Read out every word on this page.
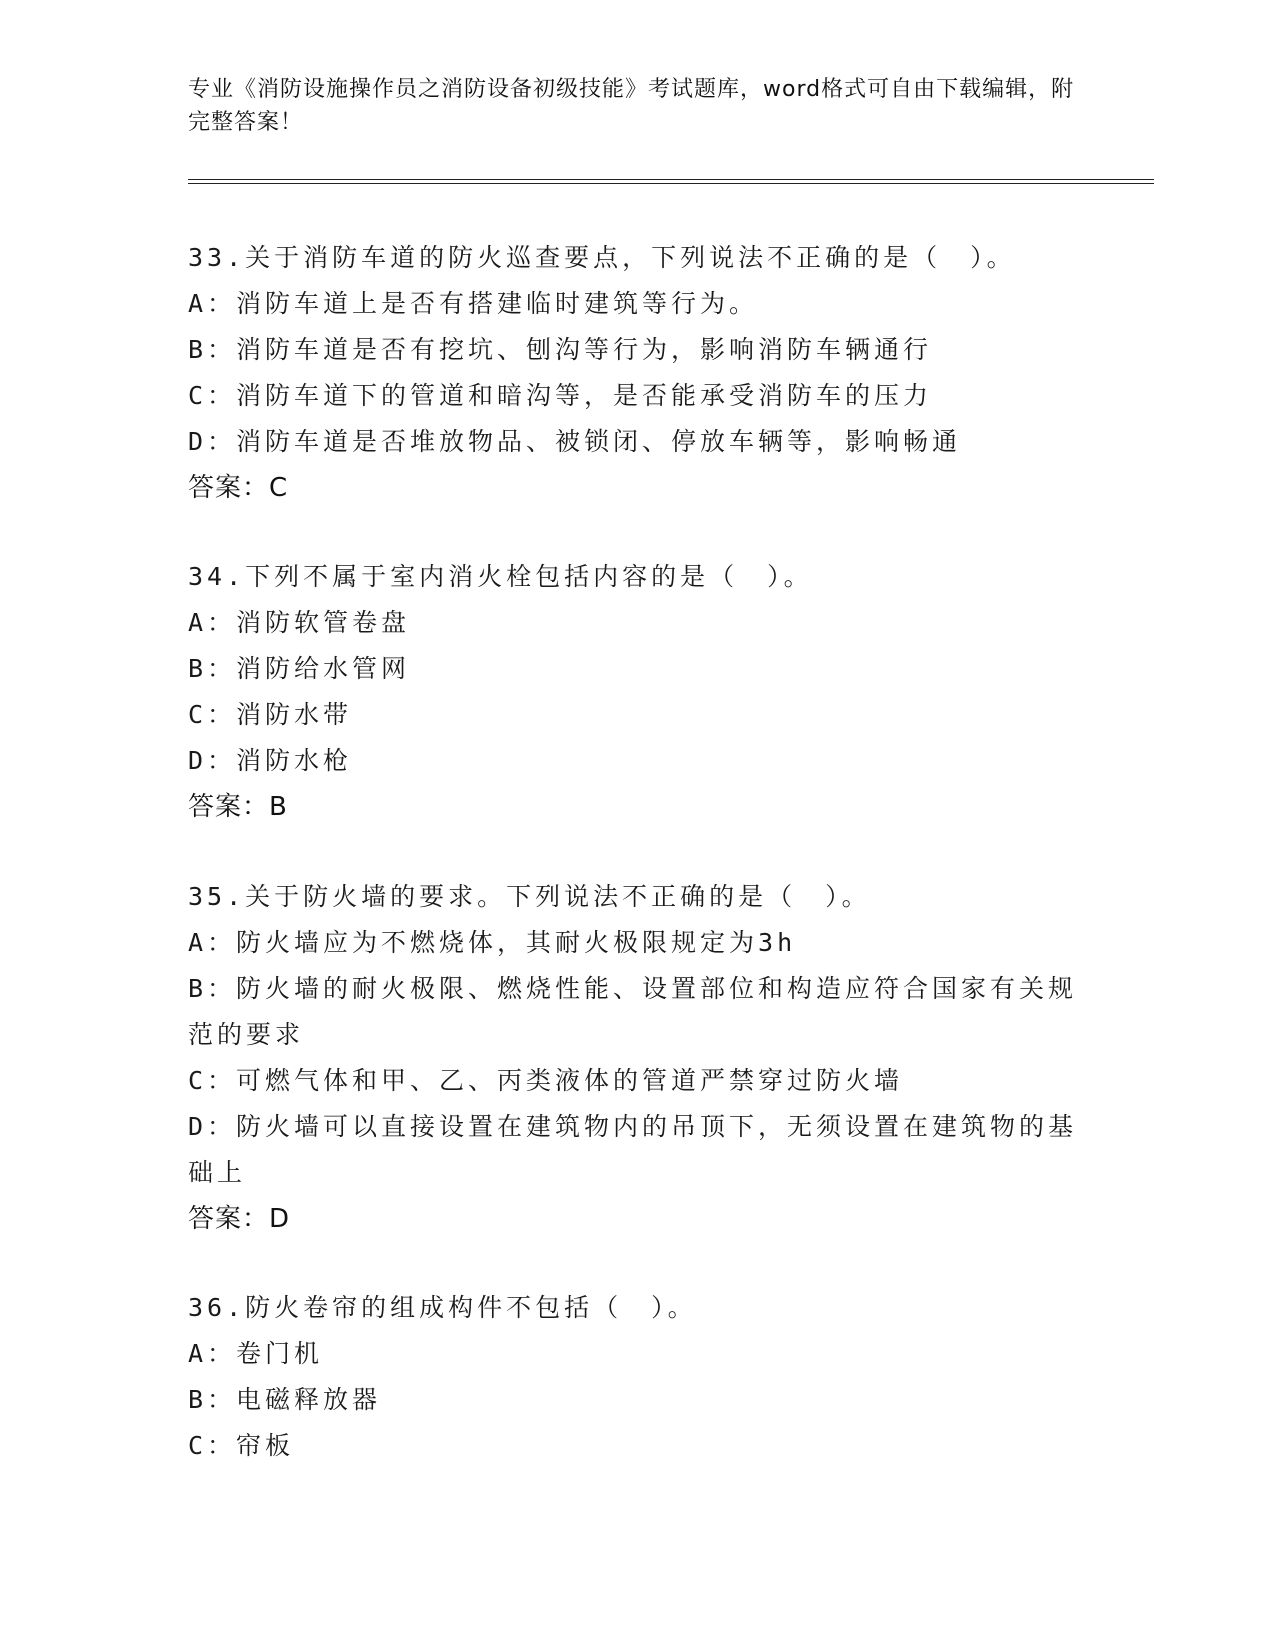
专业《消防设施操作员之消防设备初级技能》考试题库，word格式可自由下载编辑，附完整答案！
33.关于消防车道的防火巡查要点，下列说法不正确的是（　）。
A：消防车道上是否有搭建临时建筑等行为。
B：消防车道是否有挖坑、刨沟等行为，影响消防车辆通行
C：消防车道下的管道和暗沟等，是否能承受消防车的压力
D：消防车道是否堆放物品、被锁闭、停放车辆等，影响畅通
答案：C
34.下列不属于室内消火栓包括内容的是（　）。
A：消防软管卷盘
B：消防给水管网
C：消防水带
D：消防水枪
答案：B
35.关于防火墙的要求。下列说法不正确的是（　）。
A：防火墙应为不燃烧体，其耐火极限规定为3h
B：防火墙的耐火极限、燃烧性能、设置部位和构造应符合国家有关规范的要求
C：可燃气体和甲、乙、丙类液体的管道严禁穿过防火墙
D：防火墙可以直接设置在建筑物内的吊顶下，无须设置在建筑物的基础上
答案：D
36.防火卷帘的组成构件不包括（　）。
A：卷门机
B：电磁释放器
C：帘板
